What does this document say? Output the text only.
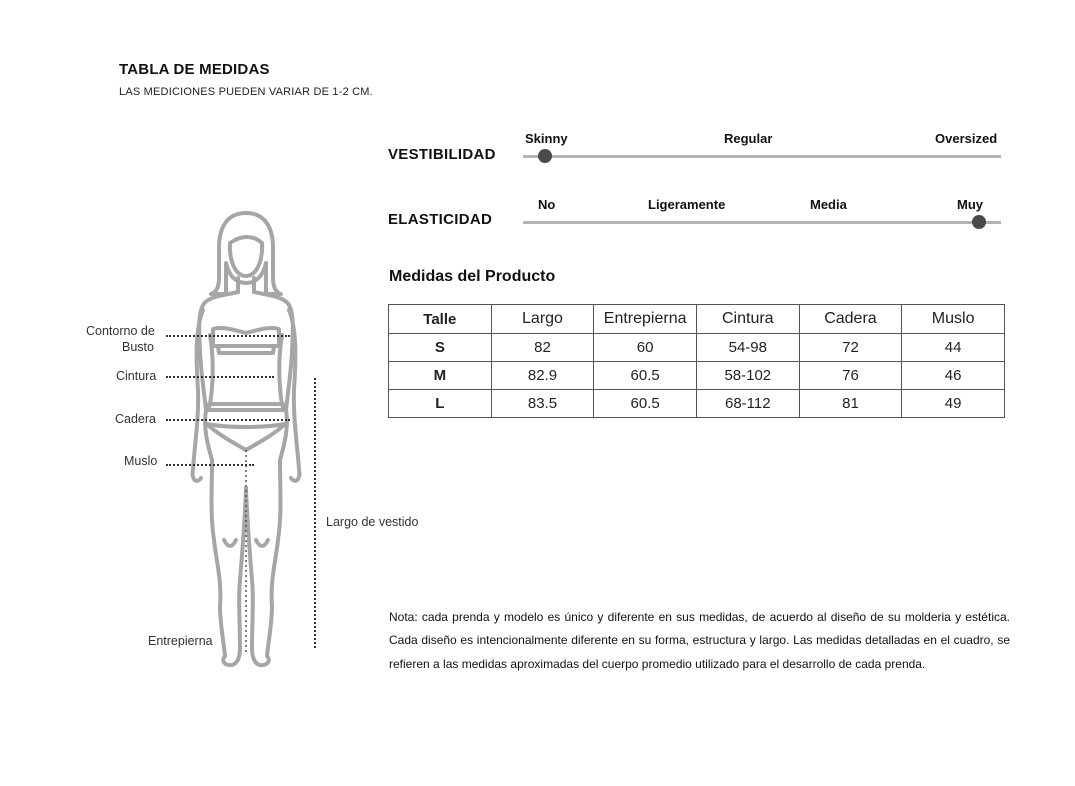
TABLA DE MEDIDAS
LAS MEDICIONES PUEDEN VARIAR DE 1-2 CM.
VESTIBILIDAD
Skinny	Regular	Oversized
ELASTICIDAD
No	Ligeramente	Media	Muy
Medidas del Producto
Talle	Largo	Entrepierna	Cintura	Cadera	Muslo
S	82	60	54-98	72	44
M	82.9	60.5	58-102	76	46
L	83.5	60.5	68-112	81	49
Nota: cada prenda y modelo es único y diferente en sus medidas, de acuerdo al diseño de su molderia y estética. Cada diseño es intencionalmente diferente en su forma, estructura y largo. Las medidas detalladas en el cuadro, se refieren a las medidas aproximadas del cuerpo promedio utilizado para el desarrollo de cada prenda.
Contorno de
Busto
Cintura
Cadera
Muslo
Largo de vestido
Entrepierna
